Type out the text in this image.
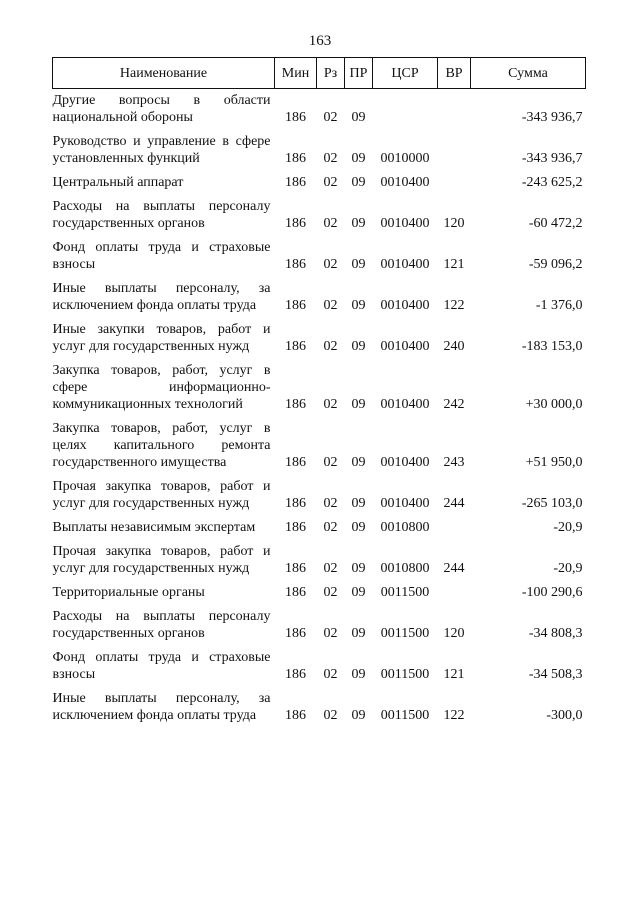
163
Наименование	Мин	Рз	ПР	ЦСР	ВР	Сумма
Другие вопросы в области национальной обороны	186	02	09			-343 936,7
Руководство и управление в сфере установленных функций	186	02	09	0010000		-343 936,7
Центральный аппарат	186	02	09	0010400		-243 625,2
Расходы на выплаты персоналу государственных органов	186	02	09	0010400	120	-60 472,2
Фонд оплаты труда и страховые взносы	186	02	09	0010400	121	-59 096,2
Иные выплаты персоналу, за исключением фонда оплаты труда	186	02	09	0010400	122	-1 376,0
Иные закупки товаров, работ и услуг для государственных нужд	186	02	09	0010400	240	-183 153,0
Закупка товаров, работ, услуг в сфере информационно-коммуникационных технологий	186	02	09	0010400	242	+30 000,0
Закупка товаров, работ, услуг в целях капитального ремонта государственного имущества	186	02	09	0010400	243	+51 950,0
Прочая закупка товаров, работ и услуг для государственных нужд	186	02	09	0010400	244	-265 103,0
Выплаты независимым экспертам	186	02	09	0010800		-20,9
Прочая закупка товаров, работ и услуг для государственных нужд	186	02	09	0010800	244	-20,9
Территориальные органы	186	02	09	0011500		-100 290,6
Расходы на выплаты персоналу государственных органов	186	02	09	0011500	120	-34 808,3
Фонд оплаты труда и страховые взносы	186	02	09	0011500	121	-34 508,3
Иные выплаты персоналу, за исключением фонда оплаты труда	186	02	09	0011500	122	-300,0
